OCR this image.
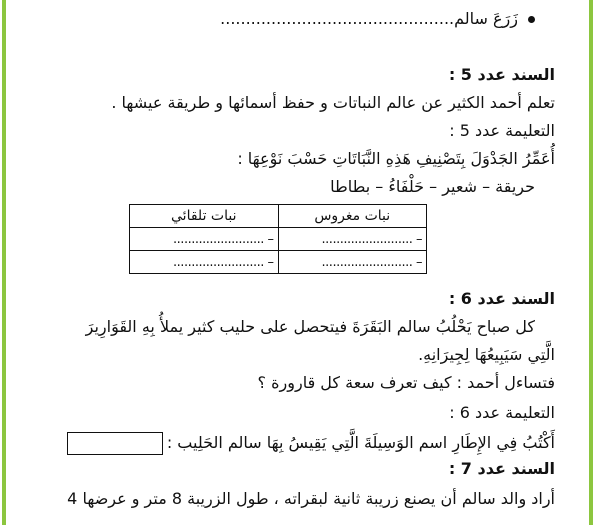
زَرَعَ سالم..............................................
السند عدد 5 :
تعلم أحمد الكثير عن عالم النباتات و حفظ أسمائها و طريقة عيشها .
التعليمة عدد 5 :
أُعَمِّرُ الجَدْوَلَ بِتَصْنِيفِ هَذِهِ النَّبَاتَاتِ حَسْبَ نَوْعِهَا :
حريقة – شعير – حَلْفَاءُ – بطاطا
نبات مغروس	نبات تلقائي
– .........................	– .........................
– .........................	– .........................
السند عدد 6 :
كل صباح يَحْلُبُ سالم البَقَرَةَ فيتحصل على حليب كثير يملأُ بِهِ القَوَارِيرَ
الَّتِي سَيَبِيعُهَا لِجِيرَانِهِ.
فتساءل أحمد : كيف تعرف سعة كل قارورة ؟
التعليمة عدد 6 :
أَكْتُبُ فِي الإِطَارِ اسم الوَسِيلَةَ الَّتِي يَقِيسُ بِهَا سالم الحَلِيب :
السند عدد 7 :
أراد والد سالم أن يصنع زريبة ثانية لبقراته ، طول الزريبة 8 متر و عرضها 4
